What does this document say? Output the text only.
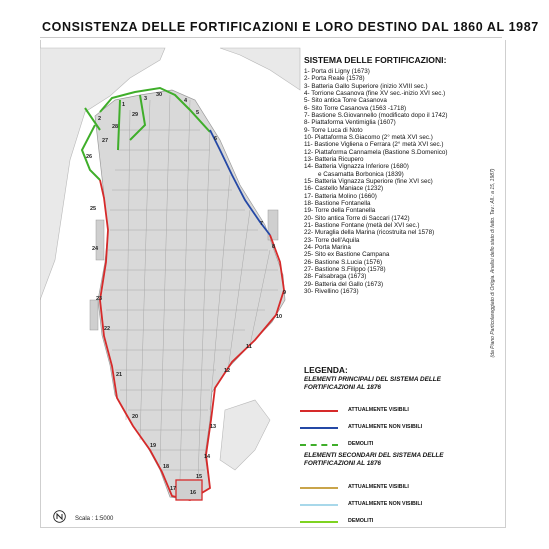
CONSISTENZA DELLE FORTIFICAZIONI E LORO DESTINO DAL 1860 AL 1987
1
2
3	4
5
6
7
8
9
10
11
12
13
14
15
16
17
18
19
20
21
22
23
24
25
26
27
28
29
30
SISTEMA DELLE FORTIFICAZIONI:
1- Porta di Ligny (1673)
2- Porta Reale (1578)
3- Batteria Gallo Superiore (inizio XVIII sec.)
4- Torrione Casanova (fine XV sec.-inizio XVI sec.)
5- Sito antica Torre Casanova
6- Sito Torre Casanova (1563 -1718)
7- Bastione S.Giovannello (modificato dopo il 1742)
8- Piattaforma Ventimiglia (1607)
9- Torre Luca di Noto
10- Piattaforma S.Giacomo (2° metà XVI sec.)
11- Bastione Vigliena o Ferrara (2° metà XVI sec.)
12- Piattaforma Cannamela (Bastione S.Domenico)
13- Batteria Ricupero
14- Batteria Vignazza Inferiore (1680)
e Casamatta Borbonica (1839)
15- Batteria Vignazza Superiore (fine XVI sec)
16- Castello Maniace (1232)
17- Batteria Molino (1660)
18- Bastione Fontanella
19- Torre della Fontanella
20- Sito antica Torre di Saccari (1742)
21- Bastione Fontane (metà del XVI sec.)
22- Muraglia della Marina (ricostruita nel 1578)
23- Torre dell'Aquila
24- Porta Marina
25- Sito ex Bastione Campana
26- Bastione S.Lucia (1576)
27- Bastione S.Filippo (1578)
28- Falsabraga (1673)
29- Batteria del Gallo (1673)
30- Rivellino (1673)
LEGENDA:
ELEMENTI PRINCIPALI DEL SISTEMA DELLE FORTIFICAZIONI AL 1876
ATTUALMENTE VISIBILI
ATTUALMENTE NON VISIBILI
DEMOLITI
ELEMENTI SECONDARI DEL SISTEMA DELLE FORTIFICAZIONI AL 1876
ATTUALMENTE VISIBILI
ATTUALMENTE NON VISIBILI
DEMOLITI
(da Piano Particolareggiato di Ortigia. Analisi dello stato di fatto. Tav.: All.: a 15, 1987)
Scala : 1:5000
